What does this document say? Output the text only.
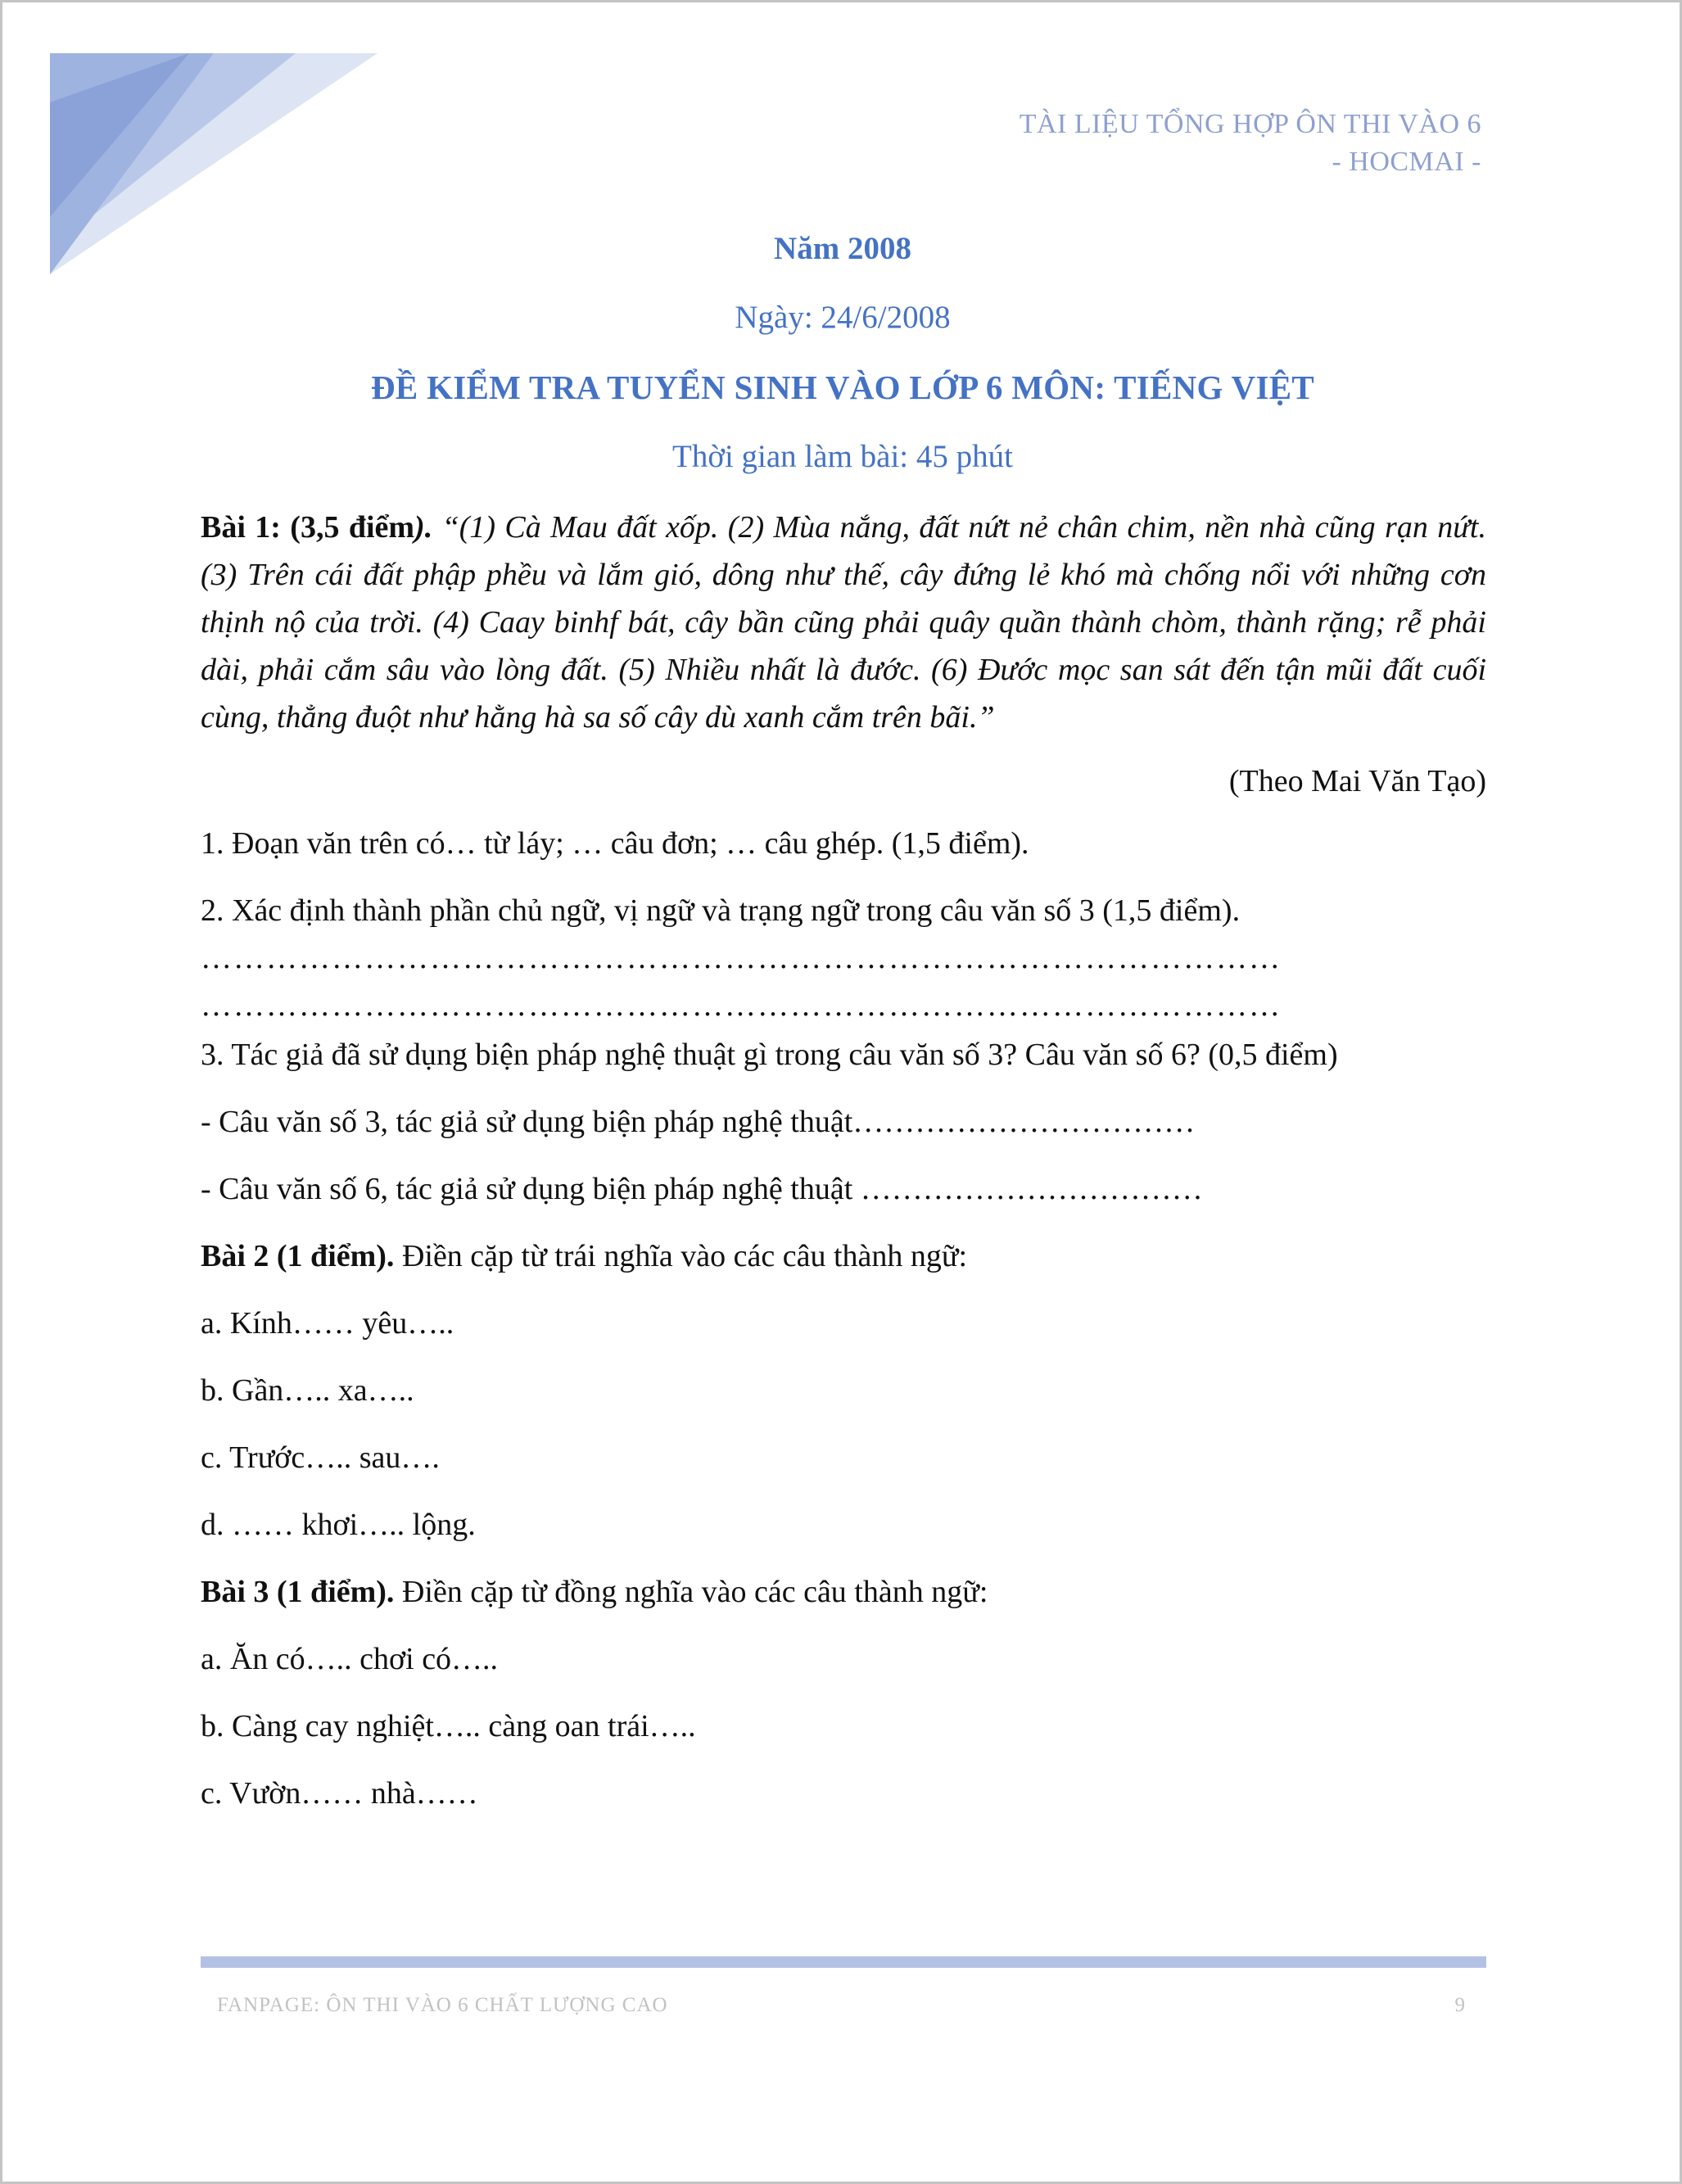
TÀI LIỆU TỔNG HỢP ÔN THI VÀO 6
- HOCMAI -
Năm 2008
Ngày: 24/6/2008
ĐỀ KIỂM TRA TUYỂN SINH VÀO LỚP 6 MÔN: TIẾNG VIỆT
Thời gian làm bài: 45 phút

Bài 1: (3,5 điểm). “(1) Cà Mau đất xốp. (2) Mùa nắng, đất nứt nẻ chân chim, nền nhà cũng rạn nứt. (3) Trên cái đất phập phều và lắm gió, dông như thế, cây đứng lẻ khó mà chống nổi với những cơn thịnh nộ của trời. (4) Caay binhf bát, cây bần cũng phải quây quần thành chòm, thành rặng; rễ phải dài, phải cắm sâu vào lòng đất. (5) Nhiều nhất là đước. (6) Đước mọc san sát đến tận mũi đất cuối cùng, thẳng đuột như hằng hà sa số cây dù xanh cắm trên bãi.”

(Theo Mai Văn Tạo)
1. Đoạn văn trên có… từ láy; … câu đơn; … câu ghép. (1,5 điểm).
2. Xác định thành phần chủ ngữ, vị ngữ và trạng ngữ trong câu văn số 3 (1,5 điểm).
………………………………………………………………………………………
………………………………………………………………………………………
3. Tác giả đã sử dụng biện pháp nghệ thuật gì trong câu văn số 3? Câu văn số 6? (0,5 điểm)
- Câu văn số 3, tác giả sử dụng biện pháp nghệ thuật……………………………
- Câu văn số 6, tác giả sử dụng biện pháp nghệ thuật ……………………………
Bài 2 (1 điểm). Điền cặp từ trái nghĩa vào các câu thành ngữ:
a. Kính…… yêu…..
b. Gần….. xa…..
c. Trước….. sau….
d. …… khơi….. lộng.
Bài 3 (1 điểm). Điền cặp từ đồng nghĩa vào các câu thành ngữ:
a. Ăn có….. chơi có…..
b. Càng cay nghiệt….. càng oan trái…..
c. Vườn…… nhà……
FANPAGE: ÔN THI VÀO 6 CHẤT LƯỢNG CAO	9
